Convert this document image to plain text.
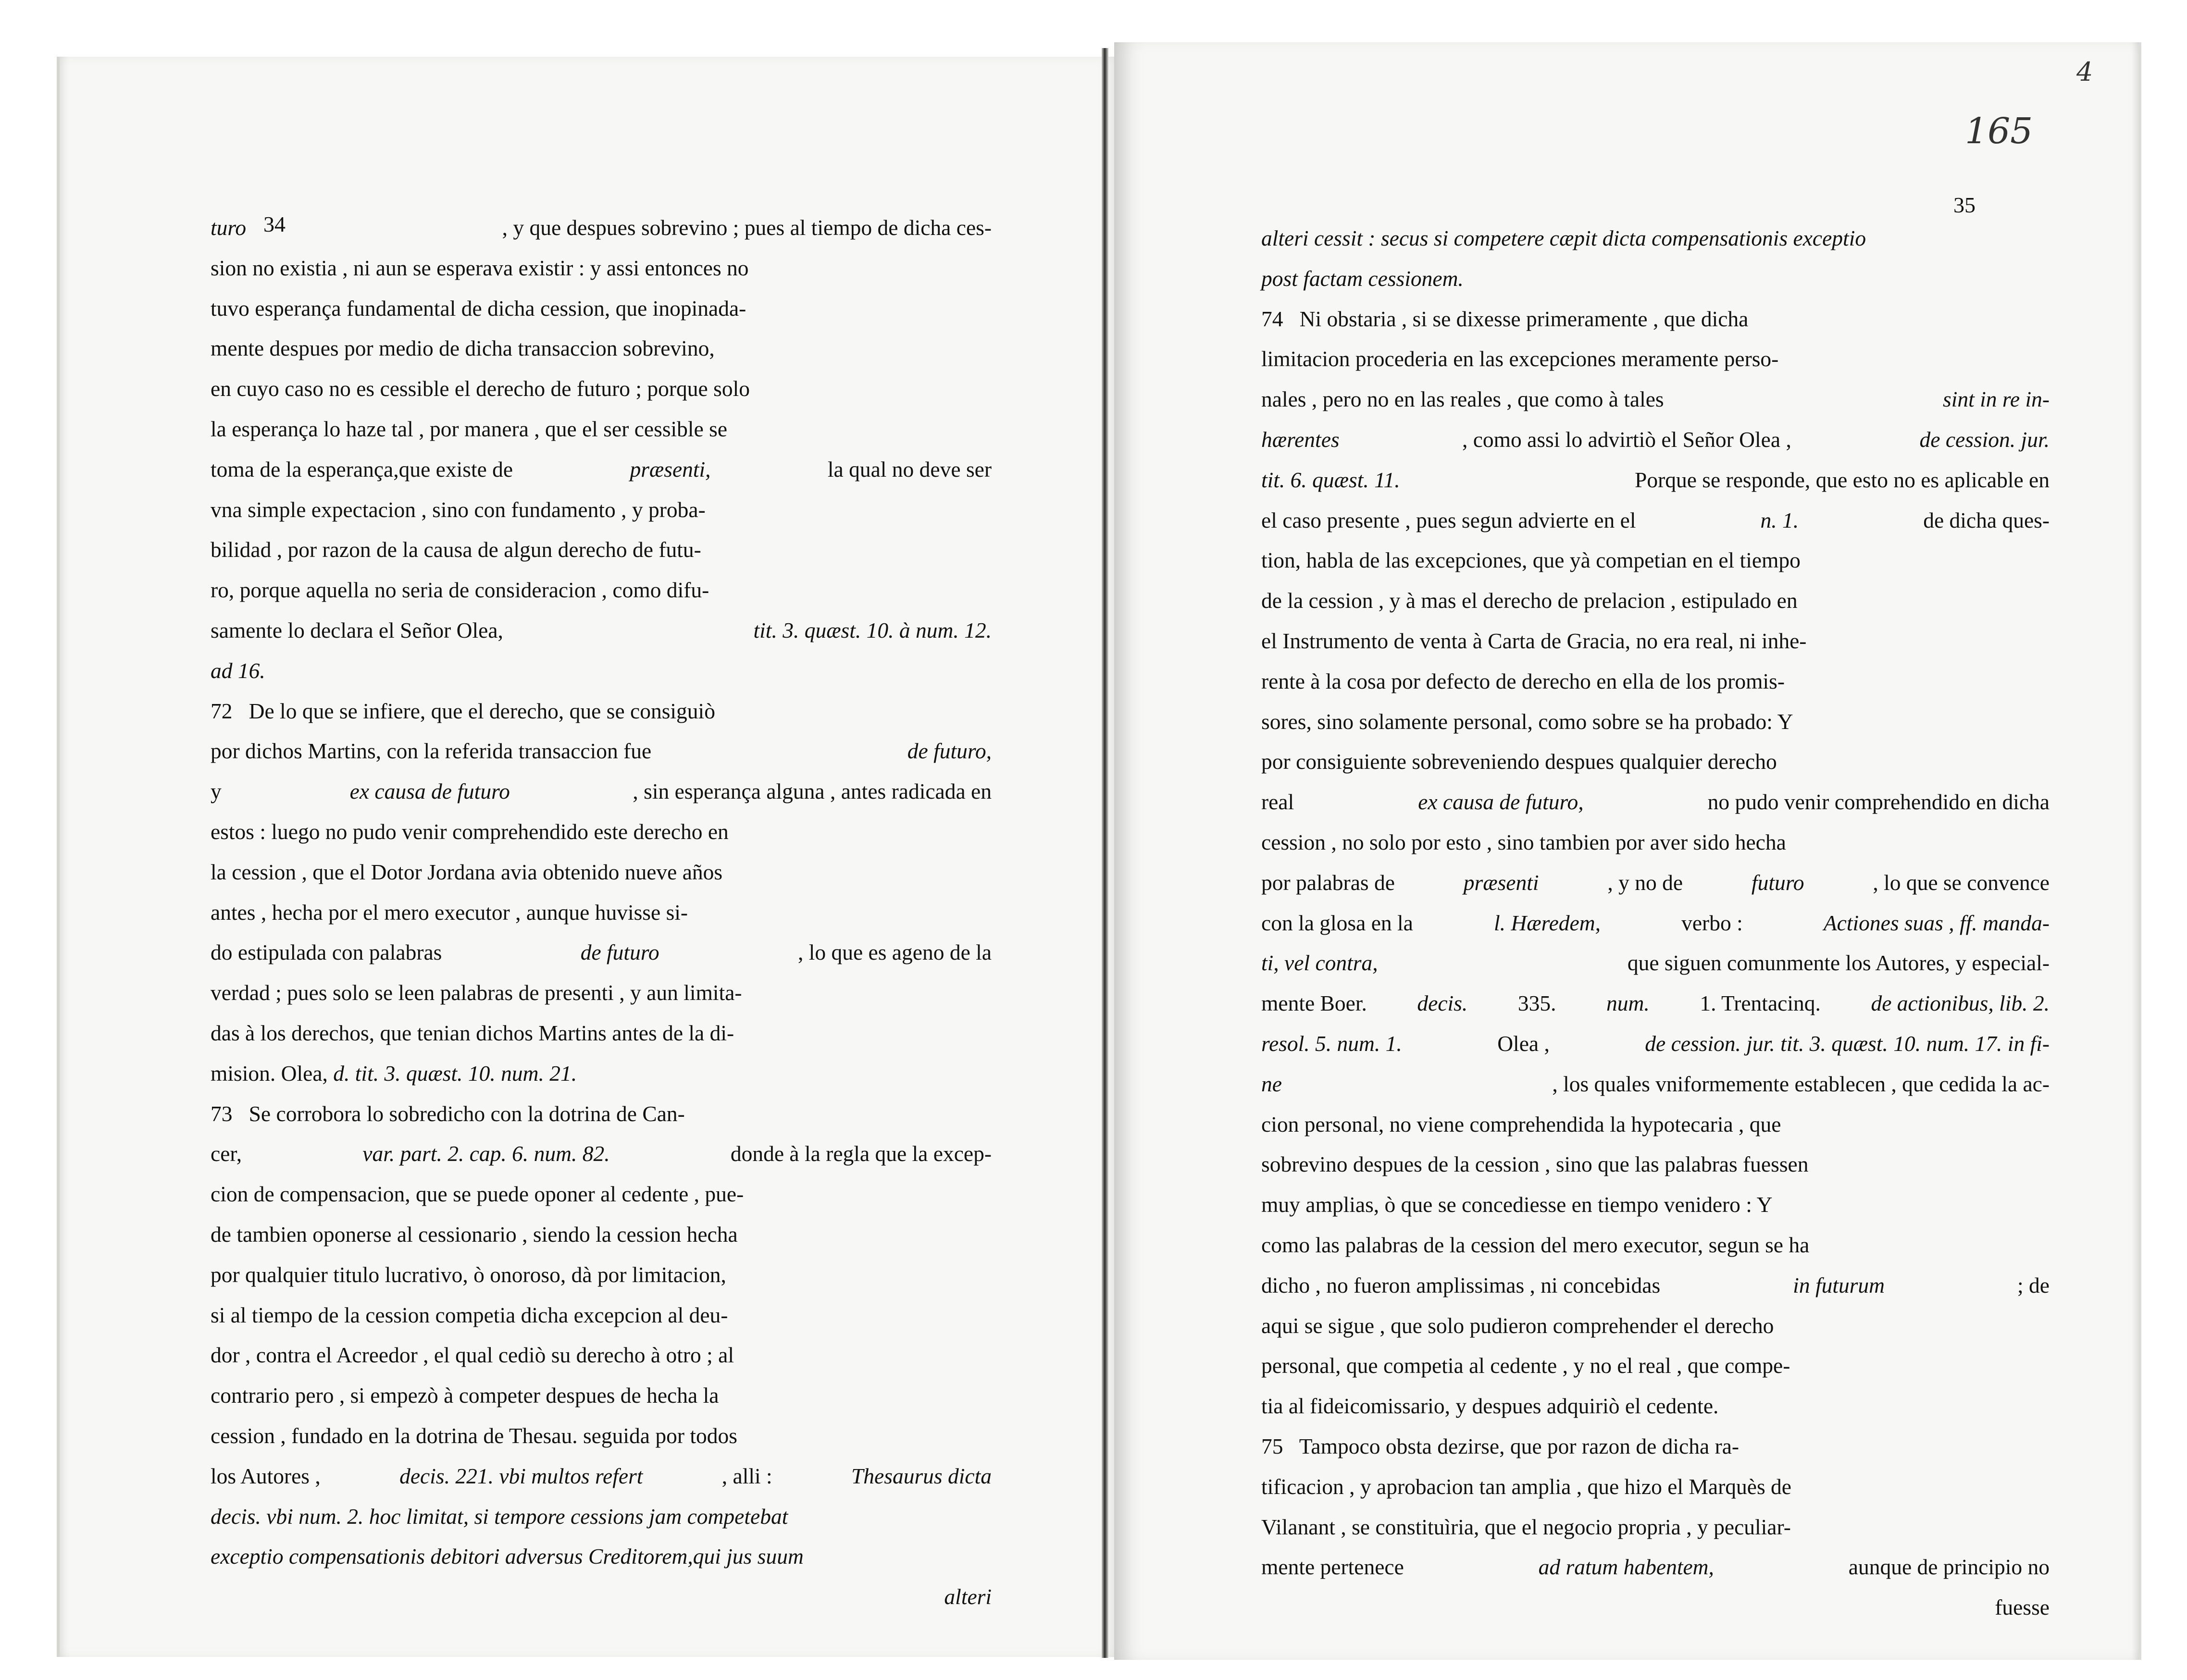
34
35
165
4
turo	, y que despues sobrevino ; pues al tiempo de dicha ces-
sion no existia , ni aun se esperava existir : y assi entonces no
tuvo esperança fundamental de dicha cession, que inopinada-
mente despues por medio de dicha transaccion sobrevino,
en cuyo caso no es cessible el derecho de futuro ; porque solo
la esperança lo haze tal , por manera , que el ser cessible se
toma de la esperança,que existe de	præsenti,	la qual no deve ser
vna simple expectacion , sino con fundamento , y proba-
bilidad , por razon de la causa de algun derecho de futu-
ro, porque aquella no seria de consideracion , como difu-
samente lo declara el Señor Olea,	tit. 3. quæst. 10. à num. 12.
ad 16.
72   De lo que se infiere, que el derecho, que se consiguiò
por dichos Martins, con la referida transaccion fue	de futuro,
y	ex causa de futuro	, sin esperança alguna , antes radicada en
estos : luego no pudo venir comprehendido este derecho en
la cession , que el Dotor Jordana avia obtenido nueve años
antes , hecha por el mero executor , aunque huvisse si-
do estipulada con palabras	de futuro	, lo que es ageno de la
verdad ; pues solo se leen palabras de presenti , y aun limita-
das à los derechos, que tenian dichos Martins antes de la di-
mision. Olea, d. tit. 3. quæst. 10. num. 21.
73   Se corrobora lo sobredicho con la dotrina de Can-
cer,	var. part. 2. cap. 6. num. 82.	donde à la regla que la excep-
cion de compensacion, que se puede oponer al cedente , pue-
de tambien oponerse al cessionario , siendo la cession hecha
por qualquier titulo lucrativo, ò onoroso, dà por limitacion,
si al tiempo de la cession competia dicha excepcion al deu-
dor , contra el Acreedor , el qual cediò su derecho à otro ; al
contrario pero , si empezò à competer despues de hecha la
cession , fundado en la dotrina de Thesau. seguida por todos
los Autores ,	decis. 221. vbi multos refert	, alli :	Thesaurus dicta
decis. vbi num. 2. hoc limitat, si tempore cessions jam competebat
exceptio compensationis debitori adversus Creditorem,qui jus suum
alteri
alteri cessit : secus si competere cæpit dicta compensationis exceptio
post factam cessionem.
74   Ni obstaria , si se dixesse primeramente , que dicha
limitacion procederia en las excepciones meramente perso-
nales , pero no en las reales , que como à tales	sint in re in-
hærentes	, como assi lo advirtiò el Señor Olea ,	de cession. jur.
tit. 6. quæst. 11.	Porque se responde, que esto no es aplicable en
el caso presente , pues segun advierte en el	n. 1.	de dicha ques-
tion, habla de las excepciones, que yà competian en el tiempo
de la cession , y à mas el derecho de prelacion , estipulado en
el Instrumento de venta à Carta de Gracia, no era real, ni inhe-
rente à la cosa por defecto de derecho en ella de los promis-
sores, sino solamente personal, como sobre se ha probado: Y
por consiguiente sobreveniendo despues qualquier derecho
real	ex causa de futuro,	no pudo venir comprehendido en dicha
cession , no solo por esto , sino tambien por aver sido hecha
por palabras de	præsenti	, y no de	futuro	, lo que se convence
con la glosa en la	l. Hæredem,	verbo :	Actiones suas , ff. manda-
ti, vel contra,	que siguen comunmente los Autores, y especial-
mente Boer. decis. 335. num. 1. Trentacinq. de actionibus, lib. 2.
resol. 5. num. 1.	Olea ,	de cession. jur. tit. 3. quæst. 10. num. 17. in fi-
ne	, los quales vniformemente establecen , que cedida la ac-
cion personal, no viene comprehendida la hypotecaria , que
sobrevino despues de la cession , sino que las palabras fuessen
muy amplias, ò que se concediesse en tiempo venidero : Y
como las palabras de la cession del mero executor, segun se ha
dicho , no fueron amplissimas , ni concebidas	in futurum	; de
aqui se sigue , que solo pudieron comprehender el derecho
personal, que competia al cedente , y no el real , que compe-
tia al fideicomissario, y despues adquiriò el cedente.
75   Tampoco obsta dezirse, que por razon de dicha ra-
tificacion , y aprobacion tan amplia , que hizo el Marquès de
Vilanant , se constituìria, que el negocio propria , y peculiar-
mente pertenece	ad ratum habentem,	aunque de principio no
fuesse
